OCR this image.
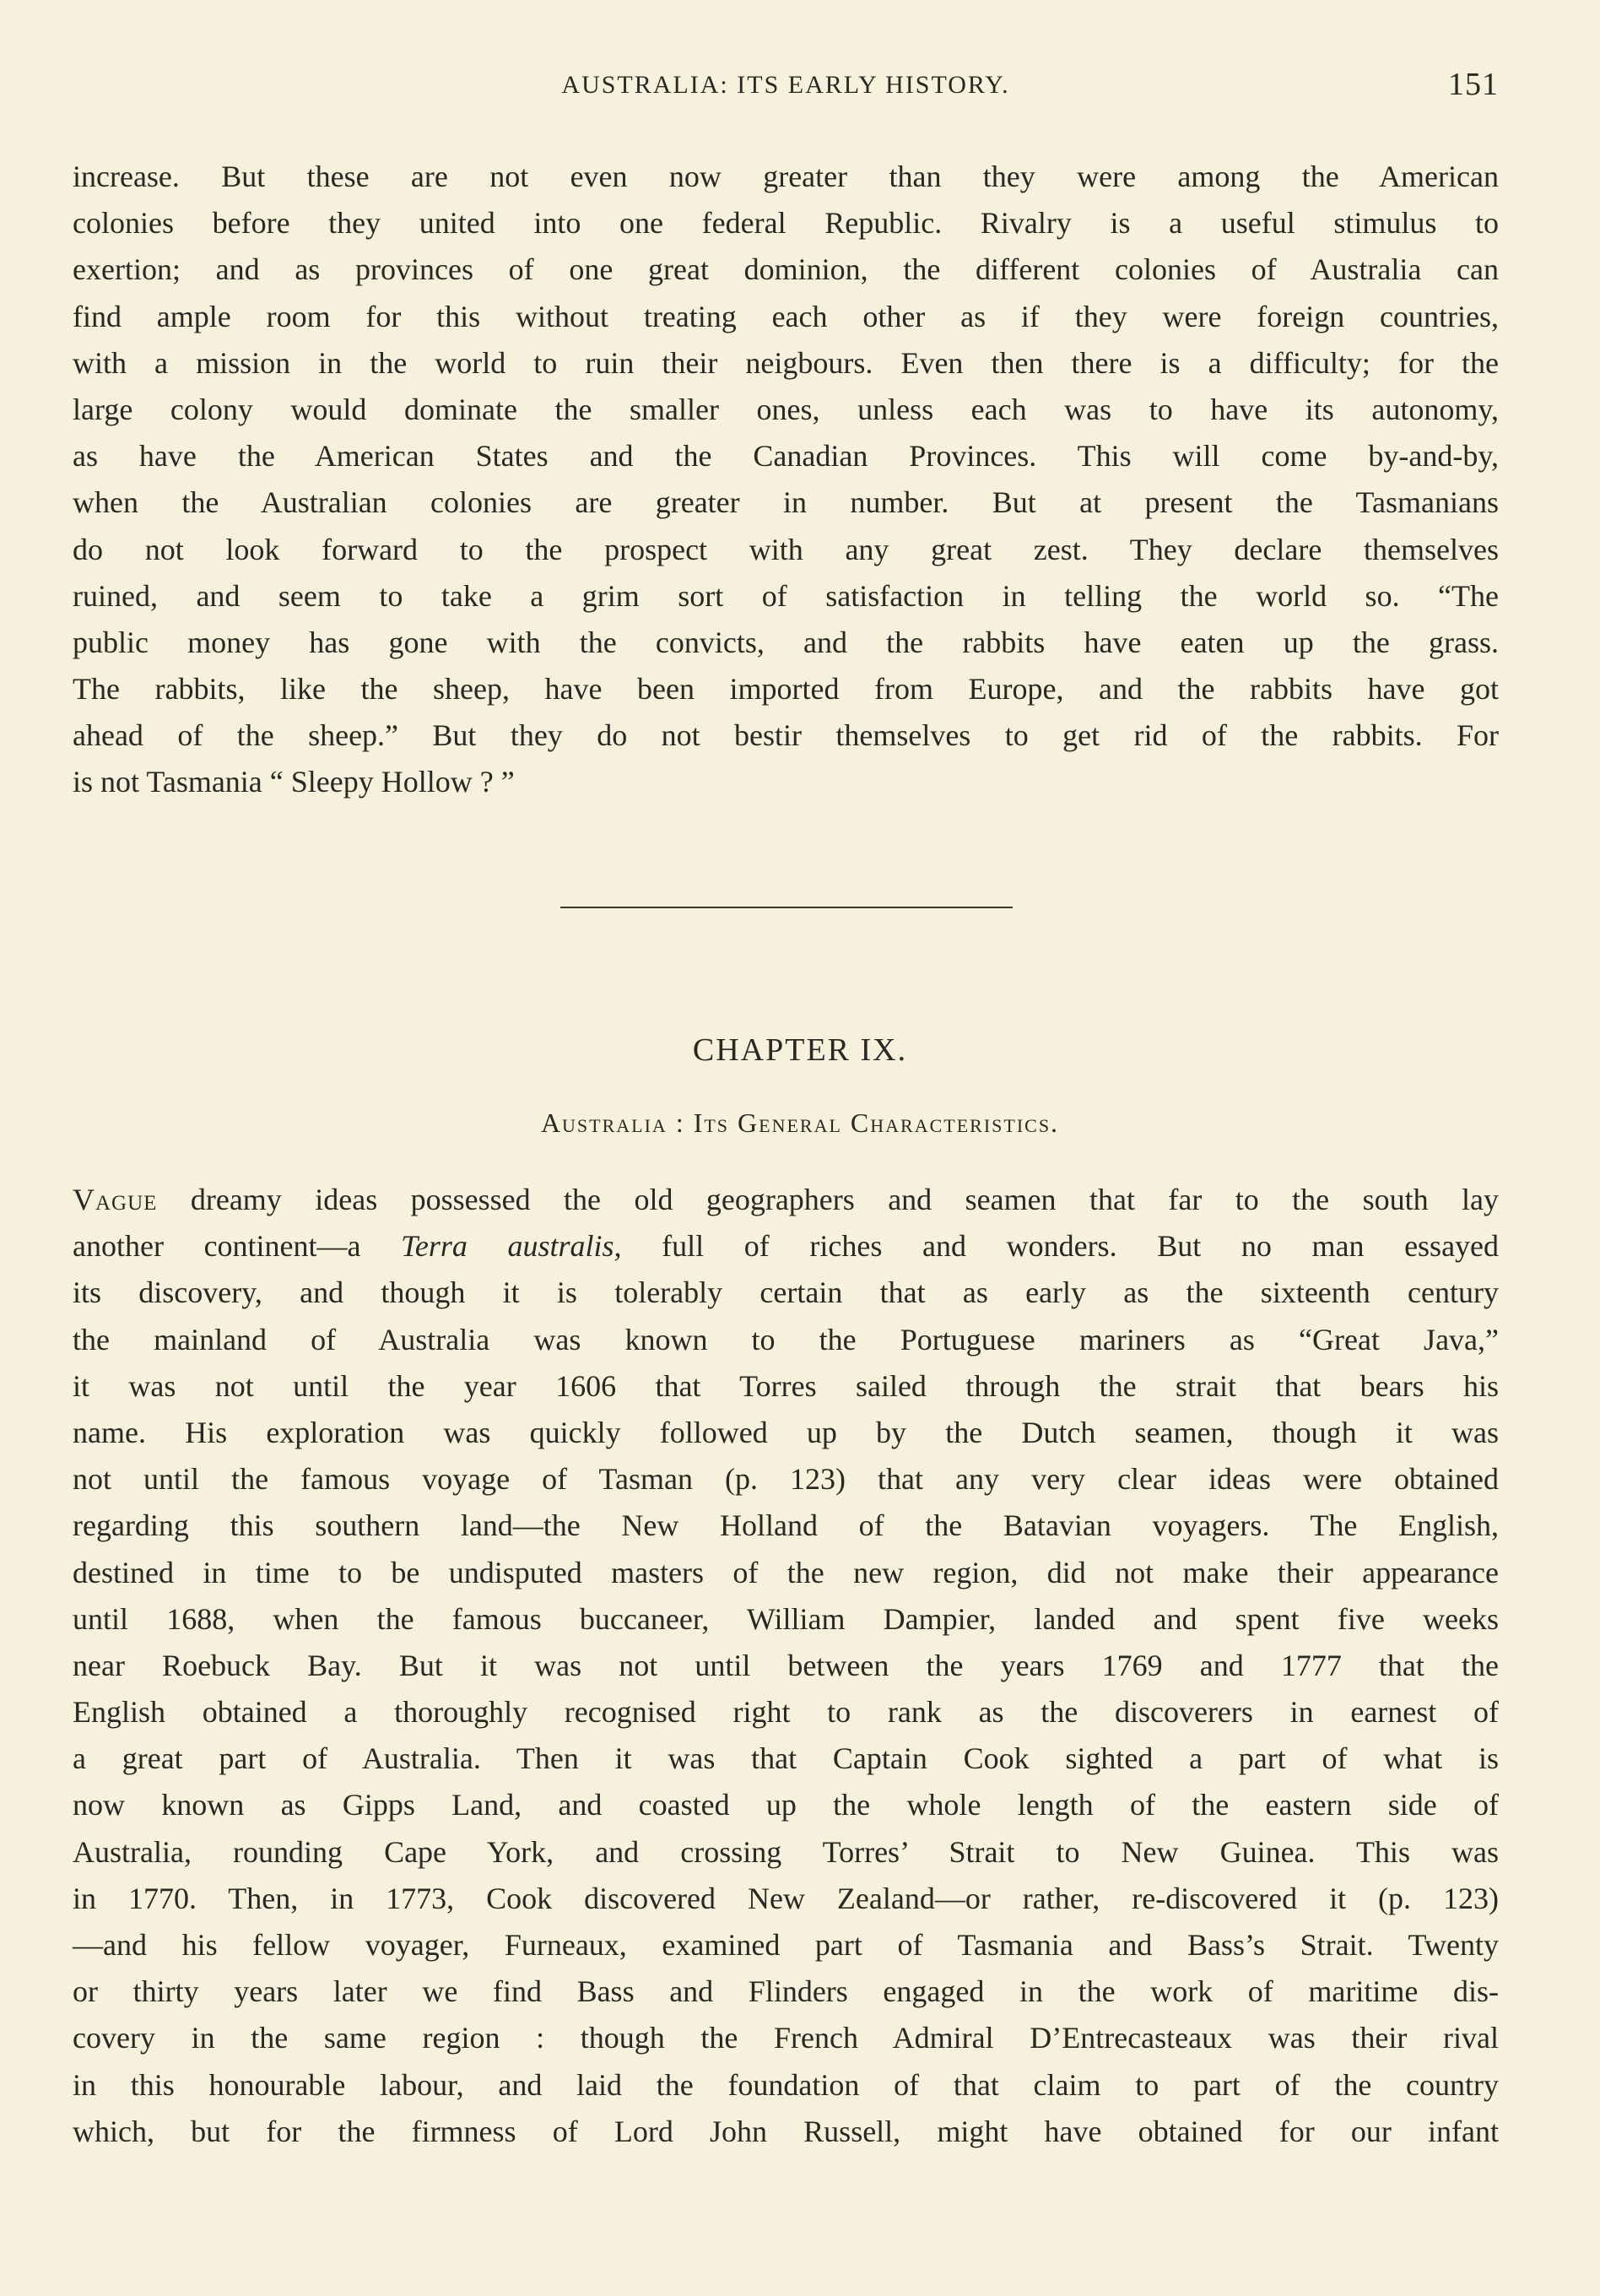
AUSTRALIA: ITS EARLY HISTORY.	151
increase. But these are not even now greater than they were among the American
colonies before they united into one federal Republic. Rivalry is a useful stimulus to
exertion; and as provinces of one great dominion, the different colonies of Australia can
find ample room for this without treating each other as if they were foreign countries,
with a mission in the world to ruin their neigbours. Even then there is a difficulty; for the
large colony would dominate the smaller ones, unless each was to have its autonomy,
as have the American States and the Canadian Provinces. This will come by-and-by,
when the Australian colonies are greater in number. But at present the Tasmanians
do not look forward to the prospect with any great zest. They declare themselves
ruined, and seem to take a grim sort of satisfaction in telling the world so. “The
public money has gone with the convicts, and the rabbits have eaten up the grass.
The rabbits, like the sheep, have been imported from Europe, and the rabbits have got
ahead of the sheep.” But they do not bestir themselves to get rid of the rabbits. For
is not Tasmania “ Sleepy Hollow ? ”
CHAPTER IX.
Australia : Its General Characteristics.
Vague dreamy ideas possessed the old geographers and seamen that far to the south lay
another continent—a Terra australis, full of riches and wonders. But no man essayed
its discovery, and though it is tolerably certain that as early as the sixteenth century
the mainland of Australia was known to the Portuguese mariners as “Great Java,”
it was not until the year 1606 that Torres sailed through the strait that bears his
name. His exploration was quickly followed up by the Dutch seamen, though it was
not until the famous voyage of Tasman (p. 123) that any very clear ideas were obtained
regarding this southern land—the New Holland of the Batavian voyagers. The English,
destined in time to be undisputed masters of the new region, did not make their appearance
until 1688, when the famous buccaneer, William Dampier, landed and spent five weeks
near Roebuck Bay. But it was not until between the years 1769 and 1777 that the
English obtained a thoroughly recognised right to rank as the discoverers in earnest of
a great part of Australia. Then it was that Captain Cook sighted a part of what is
now known as Gipps Land, and coasted up the whole length of the eastern side of
Australia, rounding Cape York, and crossing Torres’ Strait to New Guinea. This was
in 1770. Then, in 1773, Cook discovered New Zealand—or rather, re-discovered it (p. 123)
—and his fellow voyager, Furneaux, examined part of Tasmania and Bass’s Strait. Twenty
or thirty years later we find Bass and Flinders engaged in the work of maritime dis-
covery in the same region : though the French Admiral D’Entrecasteaux was their rival
in this honourable labour, and laid the foundation of that claim to part of the country
which, but for the firmness of Lord John Russell, might have obtained for our infant
